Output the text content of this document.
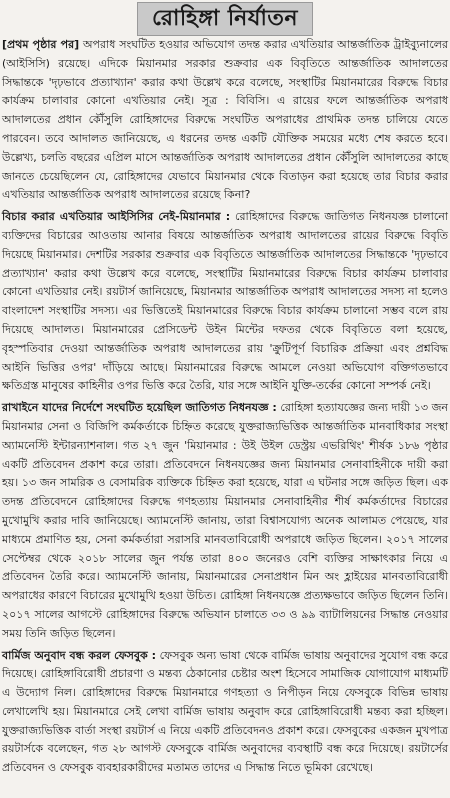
রোহিঙ্গা নির্যাতন

[প্রথম পৃষ্ঠার পর] অপরাধ সংঘটিত হওয়ার অভিযোগ তদন্ত করার এখতিয়ার আন্তর্জাতিক ট্রাইব্যুনালের (আইসিসি) রয়েছে। এদিকে মিয়ানমার সরকার শুক্রবার এক বিবৃতিতে আন্তর্জাতিক আদালতের সিদ্ধান্তকে 'দৃঢ়ভাবে প্রত্যাখ্যান' করার কথা উল্লেখ করে বলেছে, সংস্থাটির মিয়ানমারের বিরুদ্ধে বিচার কার্যক্রম চালাবার কোনো এখতিয়ার নেই। সূত্র : বিবিসি। এ রায়ের ফলে আন্তর্জাতিক অপরাধ আদালতের প্রধান কৌঁসুলি রোহিঙ্গাদের বিরুদ্ধে সংঘটিত অপরাধের প্রাথমিক তদন্ত চালিয়ে যেতে পারবেন। তবে আদালত জানিয়েছে, এ ধরনের তদন্ত একটি যৌক্তিক সময়ের মধ্যে শেষ করতে হবে। উল্লেখ্য, চলতি বছরের এপ্রিল মাসে আন্তর্জাতিক অপরাধ আদালতের প্রধান কৌঁসুলি আদালতের কাছে জানতে চেয়েছিলেন যে, রোহিঙ্গাদের যেভাবে মিয়ানমার থেকে বিতাড়ন করা হয়েছে তার বিচার করার এখতিয়ার আন্তর্জাতিক অপরাধ আদালতের রয়েছে কিনা?

বিচার করার এখতিয়ার আইসিসির নেই-মিয়ানমার : রোহিঙ্গাদের বিরুদ্ধে জাতিগত নিধনযজ্ঞ চালানো ব্যক্তিদের বিচারের আওতায় আনার বিষয়ে আন্তর্জাতিক অপরাধ আদালতের রায়ের বিরুদ্ধে বিবৃতি দিয়েছে মিয়ানমার। দেশটির সরকার শুক্রবার এক বিবৃতিতে আন্তর্জাতিক আদালতের সিদ্ধান্তকে 'দৃঢ়ভাবে প্রত্যাখ্যান' করার কথা উল্লেখ করে বলেছে, সংস্থাটির মিয়ানমারের বিরুদ্ধে বিচার কার্যক্রম চালাবার কোনো এখতিয়ার নেই। রয়টার্স জানিয়েছে, মিয়ানমার আন্তর্জাতিক অপরাধ আদালতের সদস্য না হলেও বাংলাদেশ সংস্থাটির সদস্য। এর ভিত্তিতেই মিয়ানমারের বিরুদ্ধে বিচার কার্যক্রম চালানো সম্ভব বলে রায় দিয়েছে আদালত। মিয়ানমারের প্রেসিডেন্ট উইন মিন্টের দফতর থেকে বিবৃতিতে বলা হয়েছে, বৃহস্পতিবার দেওয়া আন্তর্জাতিক অপরাধ আদালতের রায় 'ক্রুটিপূর্ণ বিচারিক প্রক্রিয়া এবং প্রশ্নবিদ্ধ আইনি ভিত্তির ওপর' দাঁড়িয়ে আছে। মিয়ানমারের বিরুদ্ধে আমলে নেওয়া অভিযোগ বক্তিগতভাবে ক্ষতিগ্রস্ত মানুষের কাহিনীর ওপর ভিত্তি করে তৈরি, যার সঙ্গে আইনি যুক্তি-তর্কের কোনো সম্পর্ক নেই।

রাখাইনে যাদের নির্দেশে সংঘটিত হয়েছিল জাতিগত নিধনযজ্ঞ : রোহিঙ্গা হত্যাযজ্ঞের জন্য দায়ী ১৩ জন মিয়ানমার সেনা ও বিজিপি কর্মকর্তাকে চিহ্নিত করেছে যুক্তরাজ্যভিত্তিক আন্তর্জাতিক মানবাধিকার সংস্থা অ্যামনেস্টি ইন্টারন্যাশনাল। গত ২৭ জুন 'মিয়ানমার : উই উইল ডেস্ট্রয় এভরিথিং' শীর্ষক ১৮৬ পৃষ্ঠার একটি প্রতিবেদন প্রকাশ করে তারা। প্রতিবেদনে নিধনযজ্ঞের জন্য মিয়ানমার সেনাবাহিনীকে দায়ী করা হয়। ১৩ জন সামরিক ও বেসামরিক ব্যক্তিকে চিহ্নিত করা হয়েছে, যারা এ ঘটনার সঙ্গে জড়িত ছিল। এক তদন্ত প্রতিবেদনে রোহিঙ্গাদের বিরুদ্ধে গণহত্যায় মিয়ানমার সেনাবাহিনীর শীর্ষ কর্মকর্তাদের বিচারের মুখোমুখি করার দাবি জানিয়েছে। অ্যামনেস্টি জানায়, তারা বিশ্বাসযোগ্য অনেক আলামত পেয়েছে, যার মাধ্যমে প্রমাণিত হয়, সেনা কর্মকর্তারা সরাসরি মানবতাবিরোধী অপরাধে জড়িত ছিলেন। ২০১৭ সালের সেপ্টেম্বর থেকে ২০১৮ সালের জুন পর্যন্ত তারা ৪০০ জনেরও বেশি ব্যক্তির সাক্ষাৎকার নিয়ে এ প্রতিবেদন তৈরি করে। অ্যামনেস্টি জানায়, মিয়ানমারের সেনাপ্রধান মিন অং হ্লাইয়ের মানবতাবিরোধী অপরাধের কারণে বিচারের মুখোমুখি হওয়া উচিত। রোহিঙ্গা নিধনযজ্ঞে প্রত্যক্ষভাবে জড়িত ছিলেন তিনি। ২০১৭ সালের আগস্টে রোহিঙ্গাদের বিরুদ্ধে অভিযান চালাতে ৩৩ ও ৯৯ ব্যাটালিয়নের সিদ্ধান্ত নেওয়ার সময় তিনি জড়িত ছিলেন।

বার্মিজ অনুবাদ বন্ধ করল ফেসবুক : ফেসবুক অন্য ভাষা থেকে বার্মিজ ভাষায় অনুবাদের সুযোগ বন্ধ করে দিয়েছে। রোহিঙ্গাবিরোধী প্রচারণা ও মন্তব্য ঠেকানোর চেষ্টার অংশ হিসেবে সামাজিক যোগাযোগ মাধ্যমটি এ উদ্যোগ নিল। রোহিঙ্গাদের বিরুদ্ধে মিয়ানমারে গণহত্যা ও নিপীড়ন নিয়ে ফেসবুকে বিভিন্ন ভাষায় লেখালেখি হয়। মিয়ানমারে সেই লেখা বার্মিজ ভাষায় অনুবাদ করে রোহিঙ্গাবিরোধী মন্তব্য করা হচ্ছিল। যুক্তরাজ্যভিত্তিক বার্তা সংস্থা রয়টার্স এ নিয়ে একটি প্রতিবেদনও প্রকাশ করে। ফেসবুকের একজন মুখপাত্র রয়টার্সকে বলেছেন, গত ২৮ আগস্ট ফেসবুকে বার্মিজ অনুবাদের ব্যবস্থাটি বন্ধ করে দিয়েছে। রয়টার্সের প্রতিবেদন ও ফেসবুক ব্যবহারকারীদের মতামত তাদের এ সিদ্ধান্ত নিতে ভূমিকা রেখেছে।
